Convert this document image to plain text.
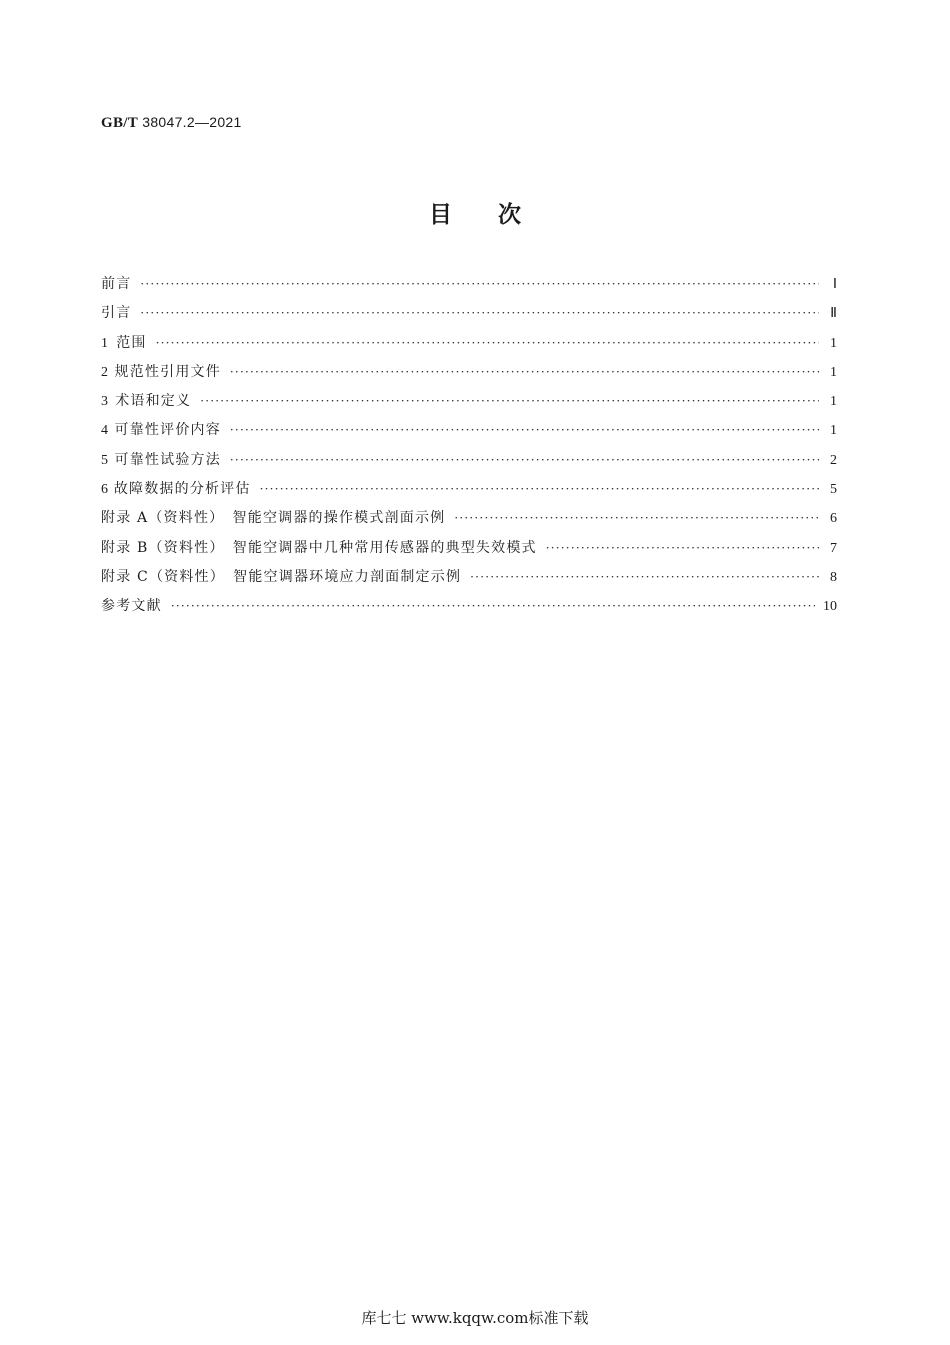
GB/T 38047.2—2021
目次
前言 ·····	Ⅰ
引言 ·····	Ⅱ
1 范围 ·····	1
2 规范性引用文件 ·····	1
3 术语和定义 ·····	1
4 可靠性评价内容 ·····	1
5 可靠性试验方法 ·····	2
6 故障数据的分析评估 ·····	5
附录 A（资料性）　智能空调器的操作模式剖面示例 ·····	6
附录 B（资料性）　智能空调器中几种常用传感器的典型失效模式 ·····	7
附录 C（资料性）　智能空调器环境应力剖面制定示例 ·····	8
参考文献 ·····	10
库七七 www.kqqw.com标准下载
